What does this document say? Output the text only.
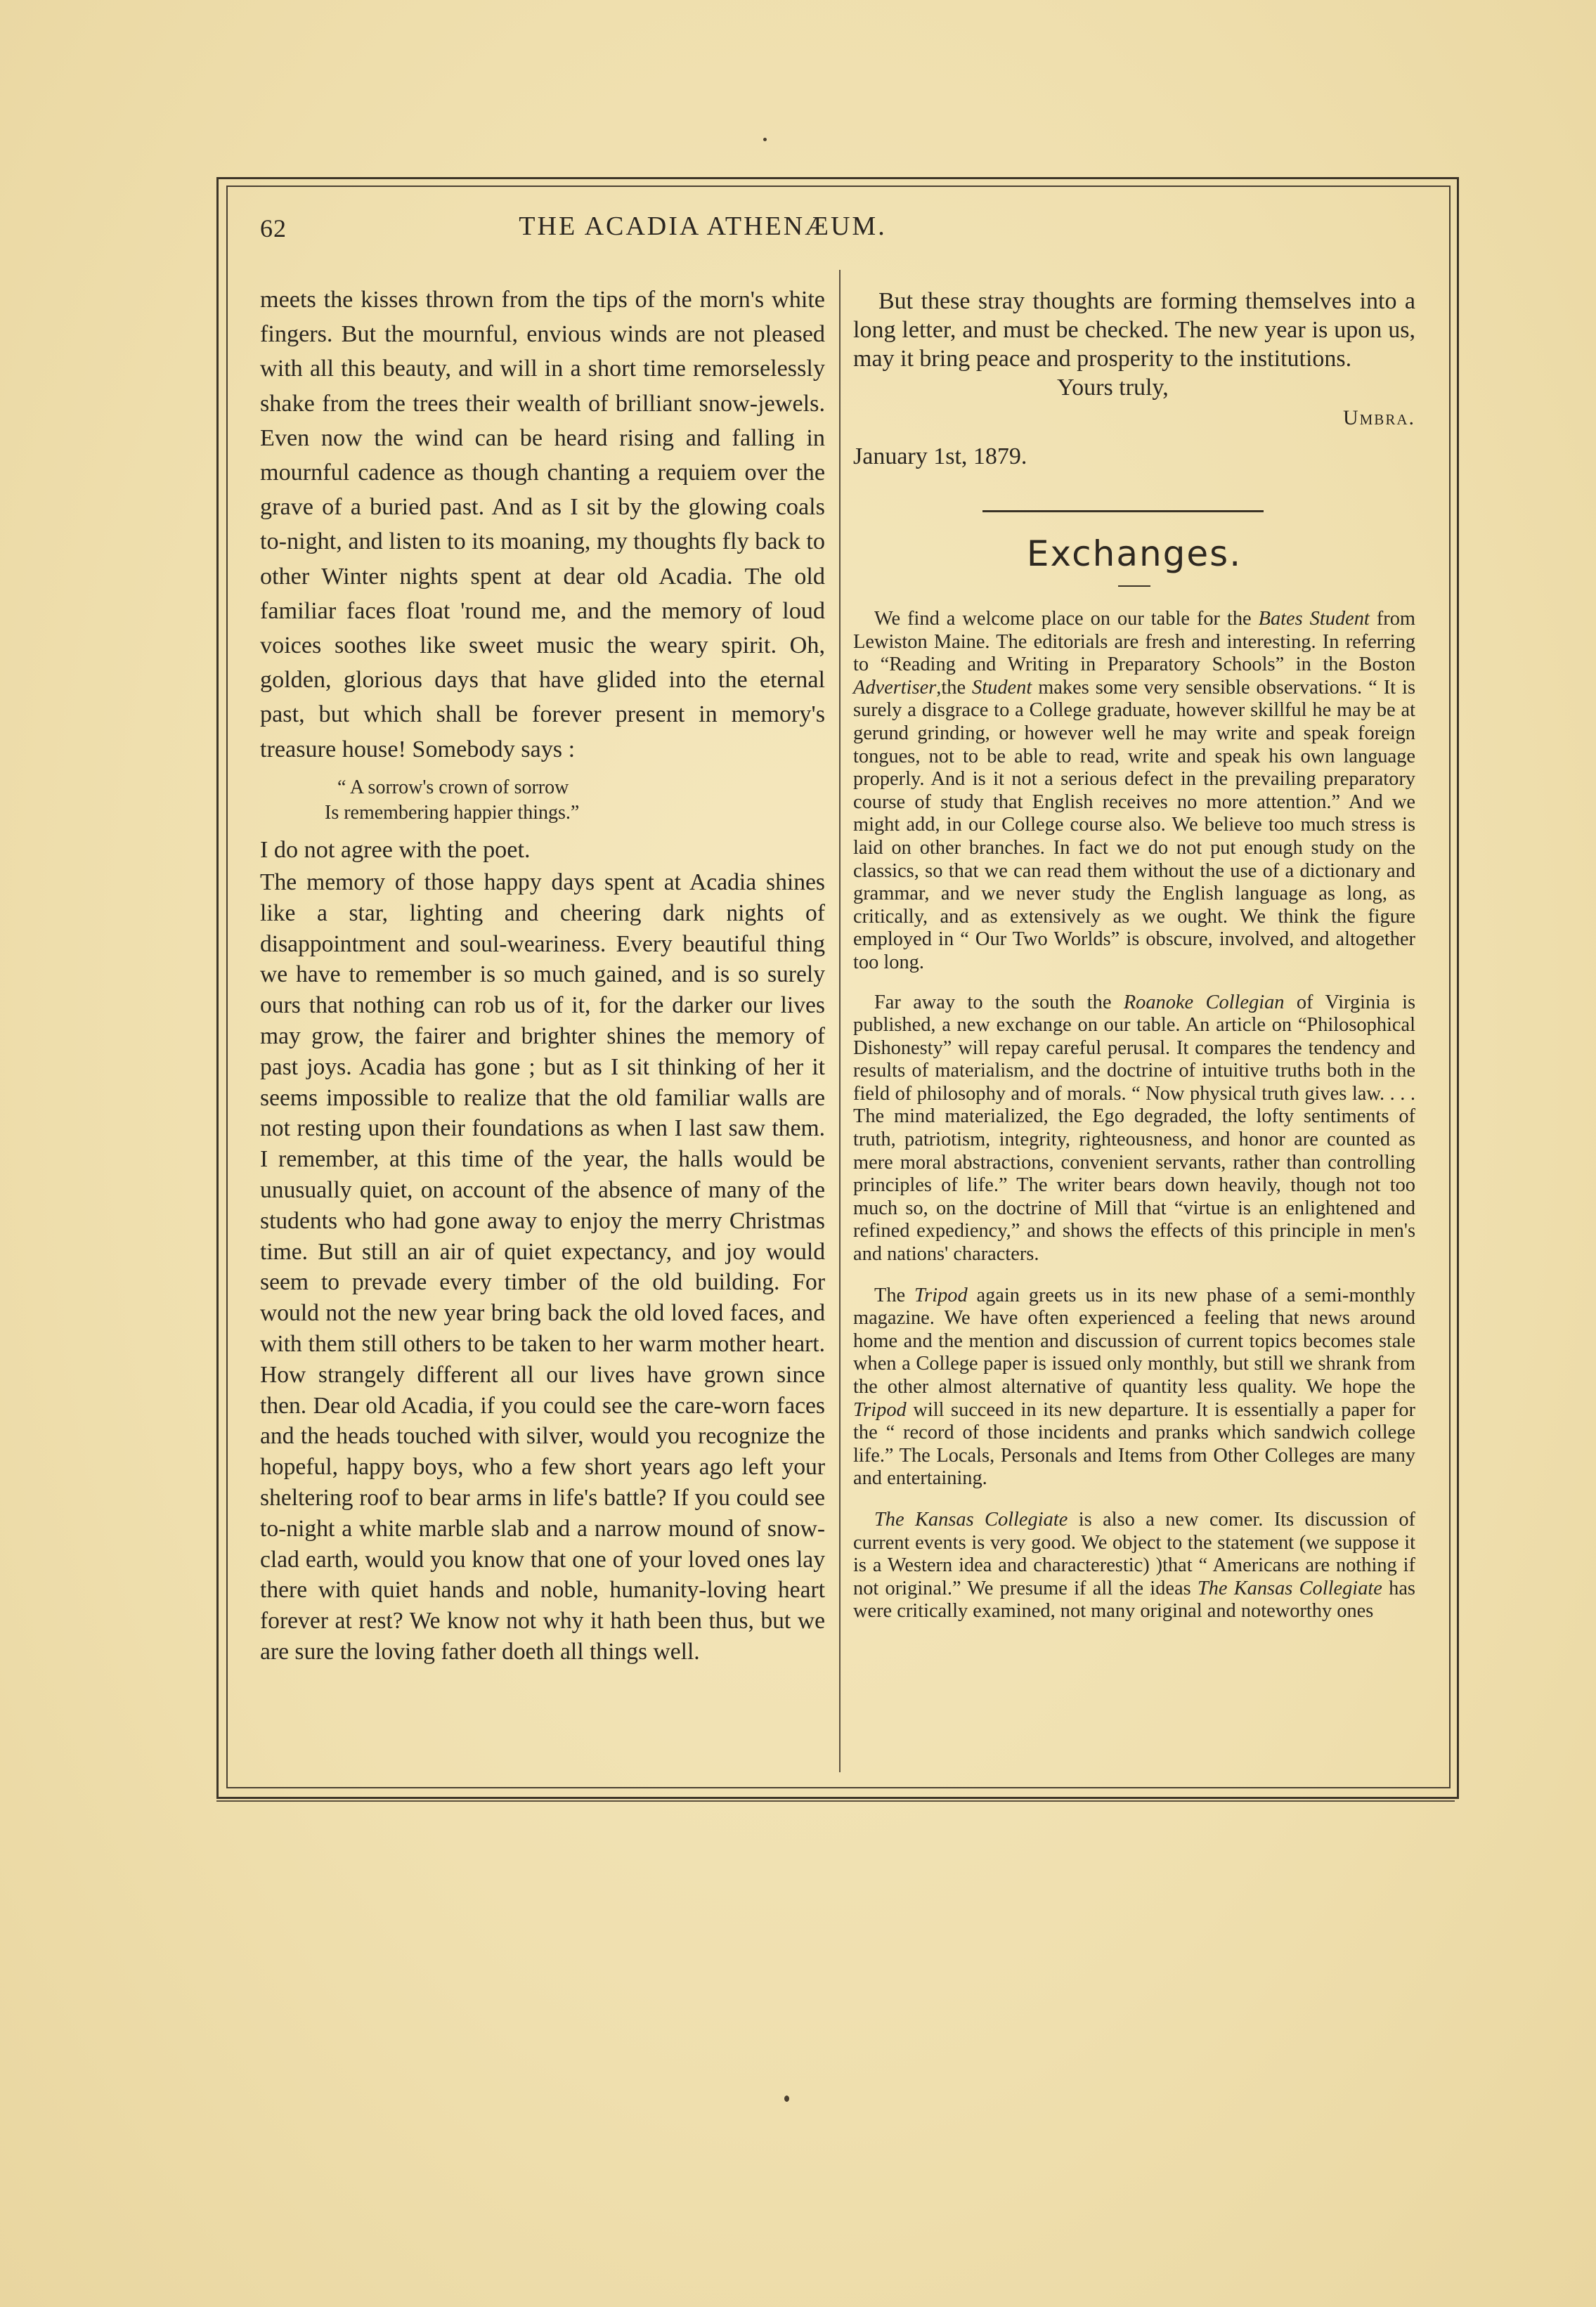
62	THE ACADIA ATHENÆUM.

meets the kisses thrown from the tips of the morn's white fingers. But the mournful, envious winds are not pleased with all this beauty, and will in a short time remorselessly shake from the trees their wealth of brilliant snow-jewels. Even now the wind can be heard rising and falling in mournful cadence as though chanting a requiem over the grave of a buried past. And as I sit by the glowing coals to-night, and listen to its moaning, my thoughts fly back to other Winter nights spent at dear old Acadia. The old familiar faces float 'round me, and the memory of loud voices soothes like sweet music the weary spirit. Oh, golden, glorious days that have glided into the eternal past, but which shall be forever present in memory's treasure house! Somebody says :

“ A sorrow's crown of sorrow
Is remembering happier things.”

I do not agree with the poet.

The memory of those happy days spent at Acadia shines like a star, lighting and cheering dark nights of disappointment and soul-weariness. Every beautiful thing we have to remember is so much gained, and is so surely ours that nothing can rob us of it, for the darker our lives may grow, the fairer and brighter shines the memory of past joys. Acadia has gone ; but as I sit thinking of her it seems impossible to realize that the old familiar walls are not resting upon their foundations as when I last saw them. I remember, at this time of the year, the halls would be unusually quiet, on account of the absence of many of the students who had gone away to enjoy the merry Christmas time. But still an air of quiet expectancy, and joy would seem to prevade every timber of the old building. For would not the new year bring back the old loved faces, and with them still others to be taken to her warm mother heart. How strangely different all our lives have grown since then. Dear old Acadia, if you could see the care-worn faces and the heads touched with silver, would you recognize the hopeful, happy boys, who a few short years ago left your sheltering roof to bear arms in life's battle? If you could see to-night a white marble slab and a narrow mound of snow-clad earth, would you know that one of your loved ones lay there with quiet hands and noble, humanity-loving heart forever at rest? We know not why it hath been thus, but we are sure the loving father doeth all things well.

But these stray thoughts are forming themselves into a long letter, and must be checked. The new year is upon us, may it bring peace and prosperity to the institutions.

Yours truly,

Umbra.

January 1st, 1879.

Exchanges.

We find a welcome place on our table for the Bates Student from Lewiston Maine. The editorials are fresh and interesting. In referring to “Reading and Writing in Preparatory Schools” in the Boston Advertiser,the Student makes some very sensible observations. “ It is surely a disgrace to a College graduate, however skillful he may be at gerund grinding, or however well he may write and speak foreign tongues, not to be able to read, write and speak his own language properly. And is it not a serious defect in the prevailing preparatory course of study that English receives no more attention.” And we might add, in our College course also. We believe too much stress is laid on other branches. In fact we do not put enough study on the classics, so that we can read them without the use of a dictionary and grammar, and we never study the English language as long, as critically, and as extensively as we ought. We think the figure employed in “ Our Two Worlds” is obscure, involved, and altogether too long.

Far away to the south the Roanoke Collegian of Virginia is published, a new exchange on our table. An article on “Philosophical Dishonesty” will repay careful perusal. It compares the tendency and results of materialism, and the doctrine of intuitive truths both in the field of philosophy and of morals. “ Now physical truth gives law. . . . The mind materialized, the Ego degraded, the lofty sentiments of truth, patriotism, integrity, righteousness, and honor are counted as mere moral abstractions, convenient servants, rather than controlling principles of life.” The writer bears down heavily, though not too much so, on the doctrine of Mill that “virtue is an enlightened and refined expediency,” and shows the effects of this principle in men's and nations' characters.

The Tripod again greets us in its new phase of a semi-monthly magazine. We have often experienced a feeling that news around home and the mention and discussion of current topics becomes stale when a College paper is issued only monthly, but still we shrank from the other almost alternative of quantity less quality. We hope the Tripod will succeed in its new departure. It is essentially a paper for the “ record of those incidents and pranks which sandwich college life.” The Locals, Personals and Items from Other Colleges are many and entertaining.

The Kansas Collegiate is also a new comer. Its discussion of current events is very good. We object to the statement (we suppose it is a Western idea and characterestic) )that “ Americans are nothing if not original.” We presume if all the ideas The Kansas Collegiate has were critically examined, not many original and noteworthy ones
